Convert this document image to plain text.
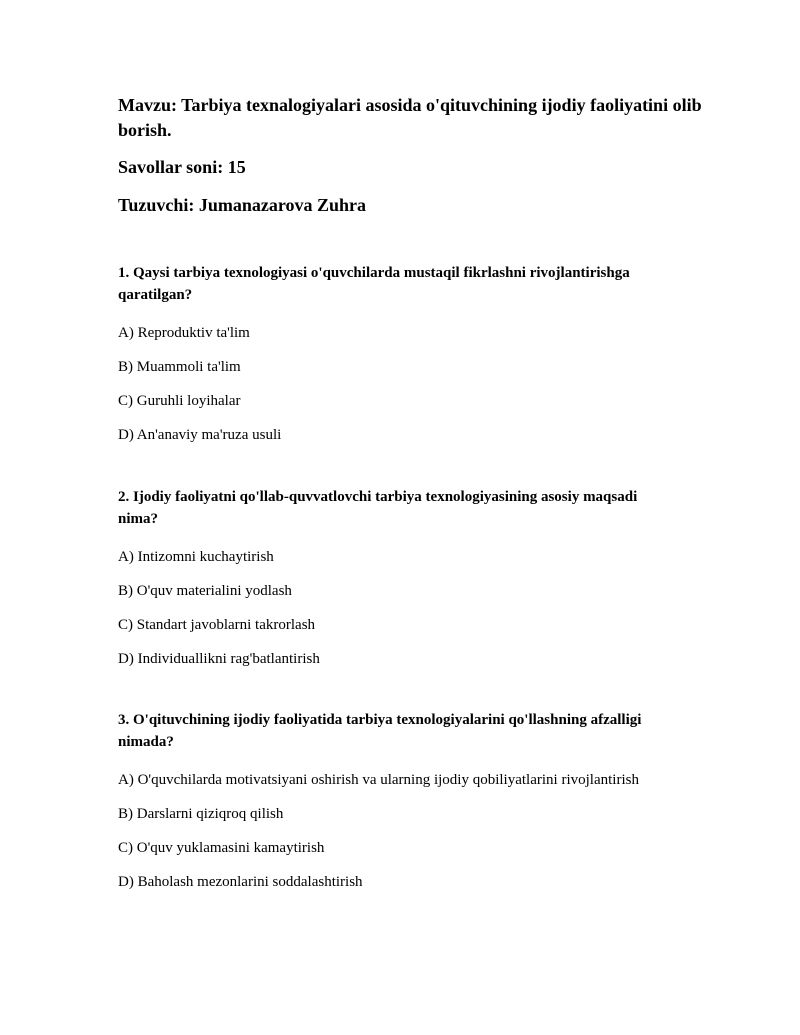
Mavzu: Tarbiya texnalogiyalari asosida o'qituvchining ijodiy faoliyatini olib borish.

Savollar soni: 15

Tuzuvchi: Jumanazarova Zuhra

1. Qaysi tarbiya texnologiyasi o'quvchilarda mustaqil fikrlashni rivojlantirishga qaratilgan?

A) Reproduktiv ta'lim
B) Muammoli ta'lim
C) Guruhli loyihalar
D) An'anaviy ma'ruza usuli

2. Ijodiy faoliyatni qo'llab-quvvatlovchi tarbiya texnologiyasining asosiy maqsadi nima?

A) Intizomni kuchaytirish
B) O'quv materialini yodlash
C) Standart javoblarni takrorlash
D) Individuallikni rag'batlantirish

3. O'qituvchining ijodiy faoliyatida tarbiya texnologiyalarini qo'llashning afzalligi nimada?

A) O'quvchilarda motivatsiyani oshirish va ularning ijodiy qobiliyatlarini rivojlantirish
B) Darslarni qiziqroq qilish
C) O'quv yuklamasini kamaytirish
D) Baholash mezonlarini soddalashtirish
